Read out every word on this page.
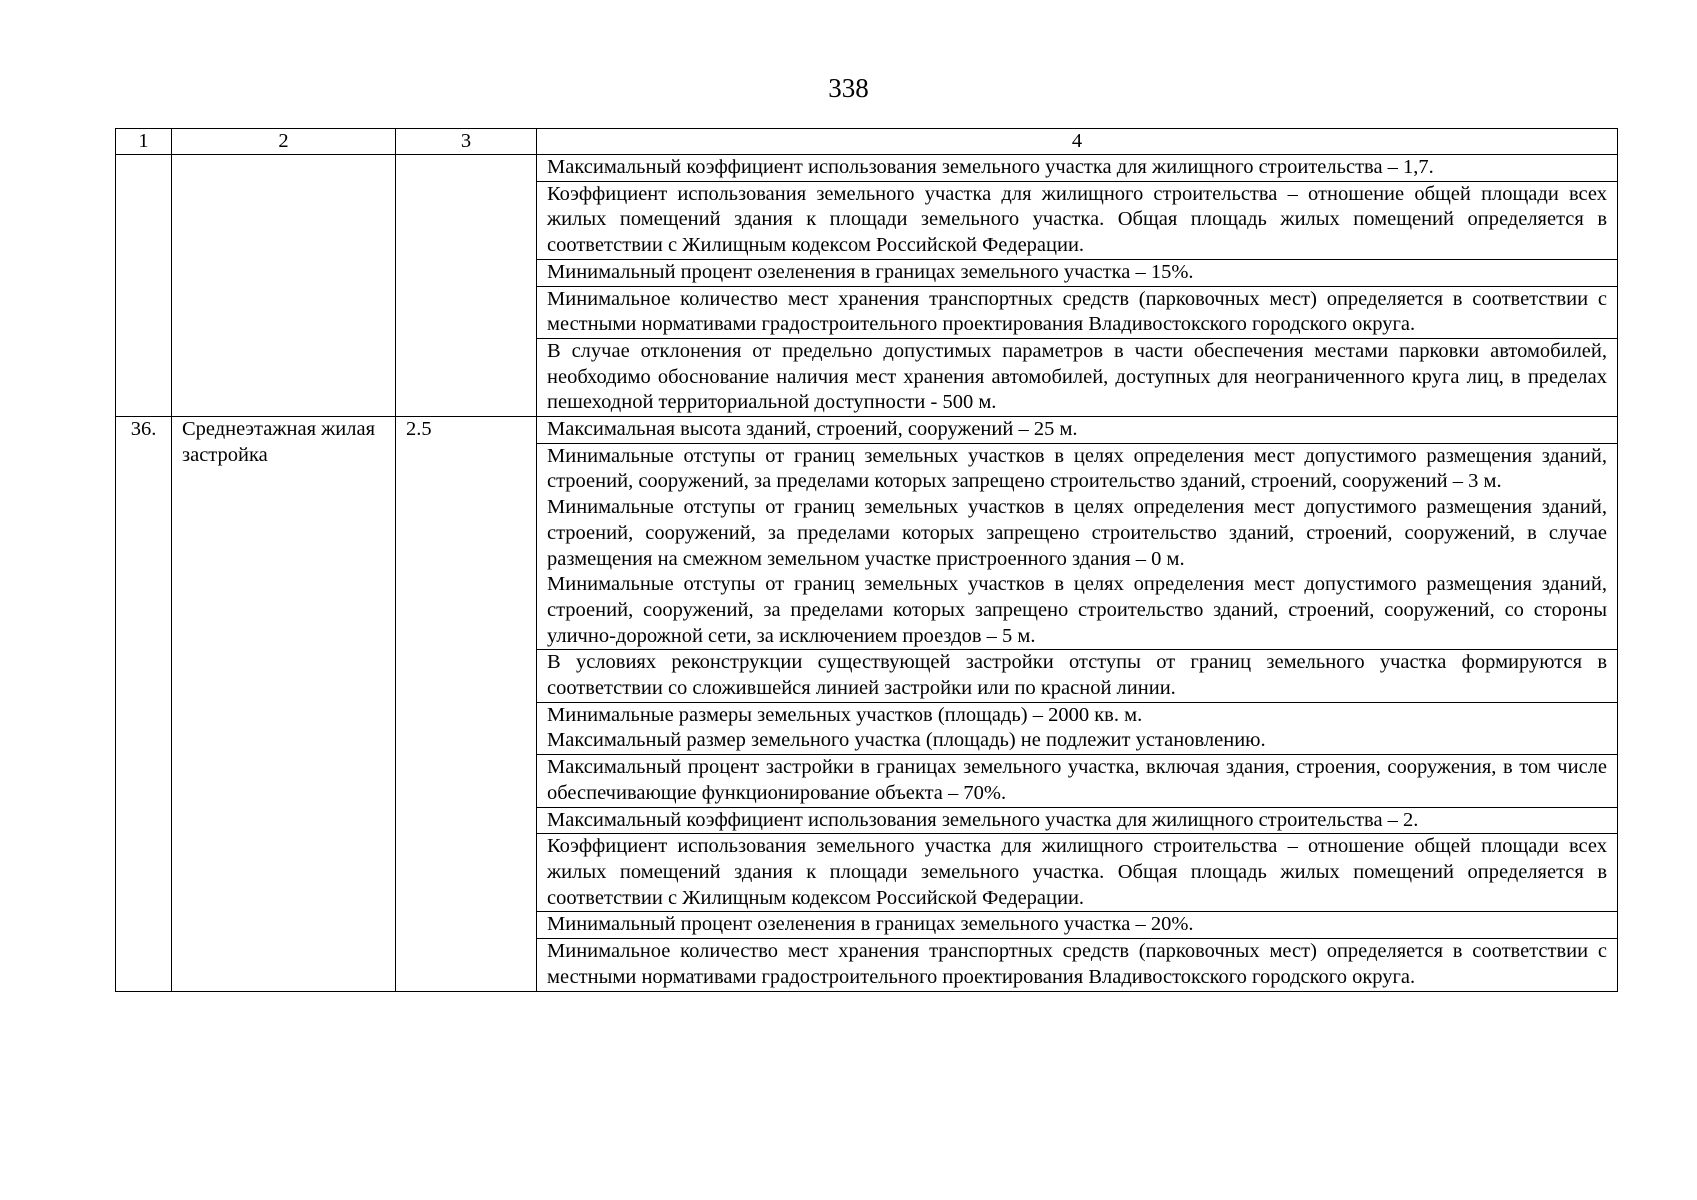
338
1	2	3	4

			Максимальный коэффициент использования земельного участка для жилищного строительства – 1,7.

			Коэффициент использования земельного участка для жилищного строительства – отношение общей площади всех жилых помещений здания к площади земельного участка. Общая площадь жилых помещений определяется в соответствии с Жилищным кодексом Российской Федерации.

			Минимальный процент озеленения в границах земельного участка – 15%.

			Минимальное количество мест хранения транспортных средств (парковочных мест) определяется в соответствии с местными нормативами градостроительного проектирования Владивостокского городского округа.

			В случае отклонения от предельно допустимых параметров в части обеспечения местами парковки автомобилей, необходимо обоснование наличия мест хранения автомобилей, доступных для неограниченного круга лиц, в пределах пешеходной территориальной доступности - 500 м.

36.	Среднеэтажная жилая застройка	2.5	Максимальная высота зданий, строений, сооружений – 25 м.

			Минимальные отступы от границ земельных участков в целях определения мест допустимого размещения зданий, строений, сооружений, за пределами которых запрещено строительство зданий, строений, сооружений – 3 м.
Минимальные отступы от границ земельных участков в целях определения мест допустимого размещения зданий, строений, сооружений, за пределами которых запрещено строительство зданий, строений, сооружений, в случае размещения на смежном земельном участке пристроенного здания – 0 м.
Минимальные отступы от границ земельных участков в целях определения мест допустимого размещения зданий, строений, сооружений, за пределами которых запрещено строительство зданий, строений, сооружений, со стороны улично-дорожной сети, за исключением проездов – 5 м.

			В условиях реконструкции существующей застройки отступы от границ земельного участка формируются в соответствии со сложившейся линией застройки или по красной линии.

			Минимальные размеры земельных участков (площадь) – 2000 кв. м.
Максимальный размер земельного участка (площадь) не подлежит установлению.

			Максимальный процент застройки в границах земельного участка, включая здания, строения, сооружения, в том числе обеспечивающие функционирование объекта – 70%.

			Максимальный коэффициент использования земельного участка для жилищного строительства – 2.

			Коэффициент использования земельного участка для жилищного строительства – отношение общей площади всех жилых помещений здания к площади земельного участка. Общая площадь жилых помещений определяется в соответствии с Жилищным кодексом Российской Федерации.

			Минимальный процент озеленения в границах земельного участка – 20%.

			Минимальное количество мест хранения транспортных средств (парковочных мест) определяется в соответствии с местными нормативами градостроительного проектирования Владивостокского городского округа.
